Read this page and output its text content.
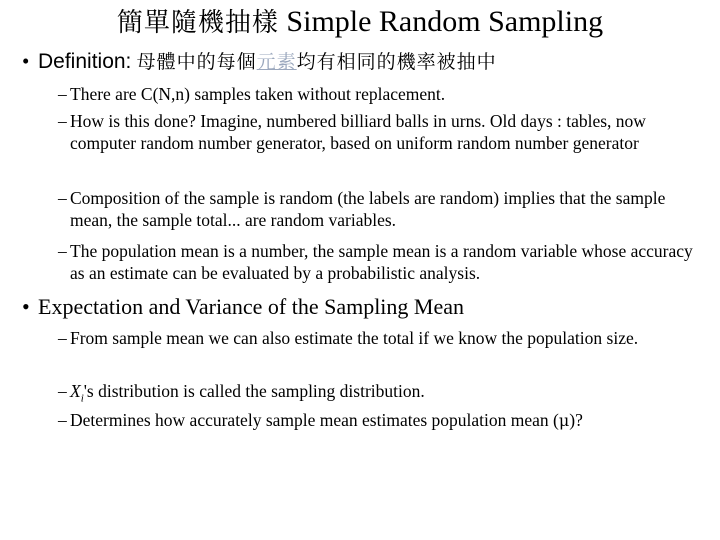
簡單隨機抽樣 Simple Random Sampling
• Definition: 母體中的每個元素均有相同的機率被抽中
– There are C(N,n) samples taken without replacement.
– How is this done? Imagine, numbered billiard balls in urns. Old days : tables, now computer random number generator, based on uniform random number generator
– Composition of the sample is random (the labels are random) implies that the sample mean, the sample total... are random variables.
– The population mean is a number, the sample mean is a random variable whose accuracy as an estimate can be evaluated by a probabilistic analysis.
• Expectation and Variance of the Sampling Mean
– From sample mean we can also estimate the total if we know the population size.
– $X_i's$ distribution is called the sampling distribution.
– Determines how accurately sample mean estimates population mean (μ)?
